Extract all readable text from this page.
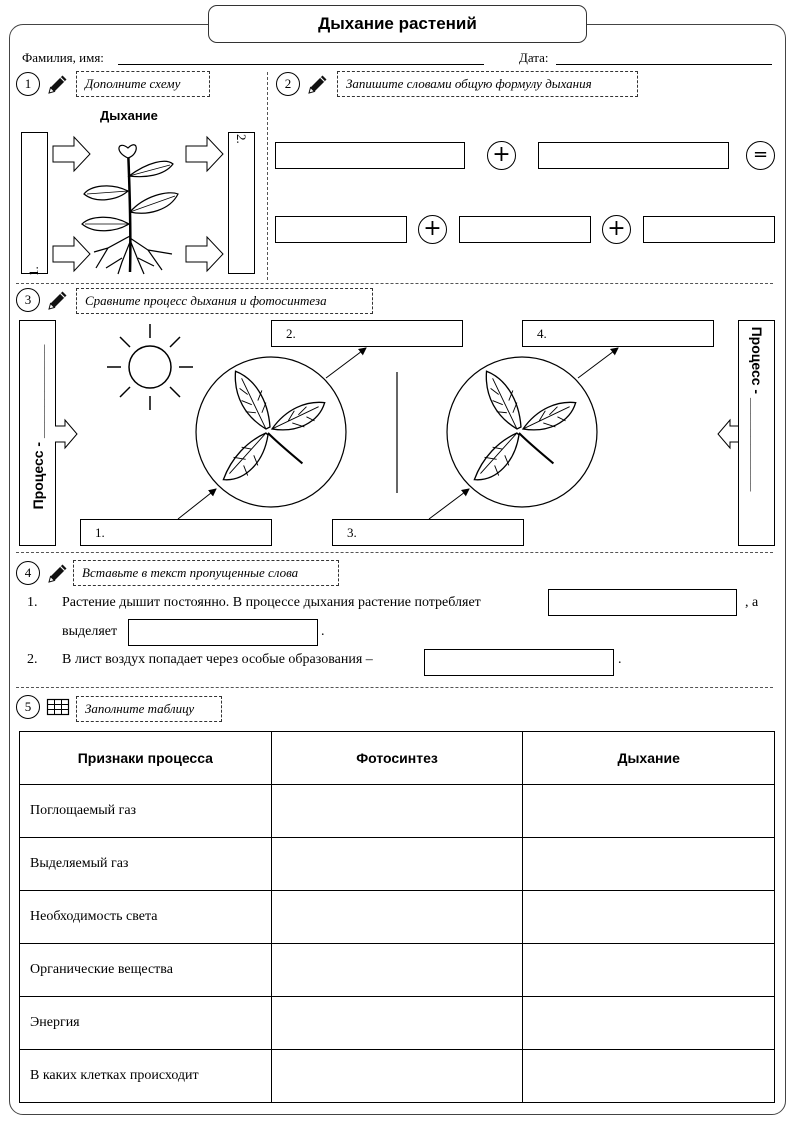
Дыхание растений
Фамилия, имя:	Дата:
1	Дополните схему
Дыхание
1.
2.
2	Запишите словами общую формулу дыхания
+	=
+	+
3	Сравните процесс дыхания и фотосинтеза
Процесс - ____________
1.
2.
3.
4.	Процесс - ____________
4	Вставьте в текст пропущенные слова
1. Растение дышит постоянно. В процессе дыхания растение потребляет	, а
выделяет	.
2. В лист воздух попадает через особые образования –	.
5	Заполните таблицу
Признаки процесса	Фотосинтез	Дыхание
Поглощаемый газ		
Выделяемый газ		
Необходимость света		
Органические вещества		
Энергия		
В каких клетках происходит		
